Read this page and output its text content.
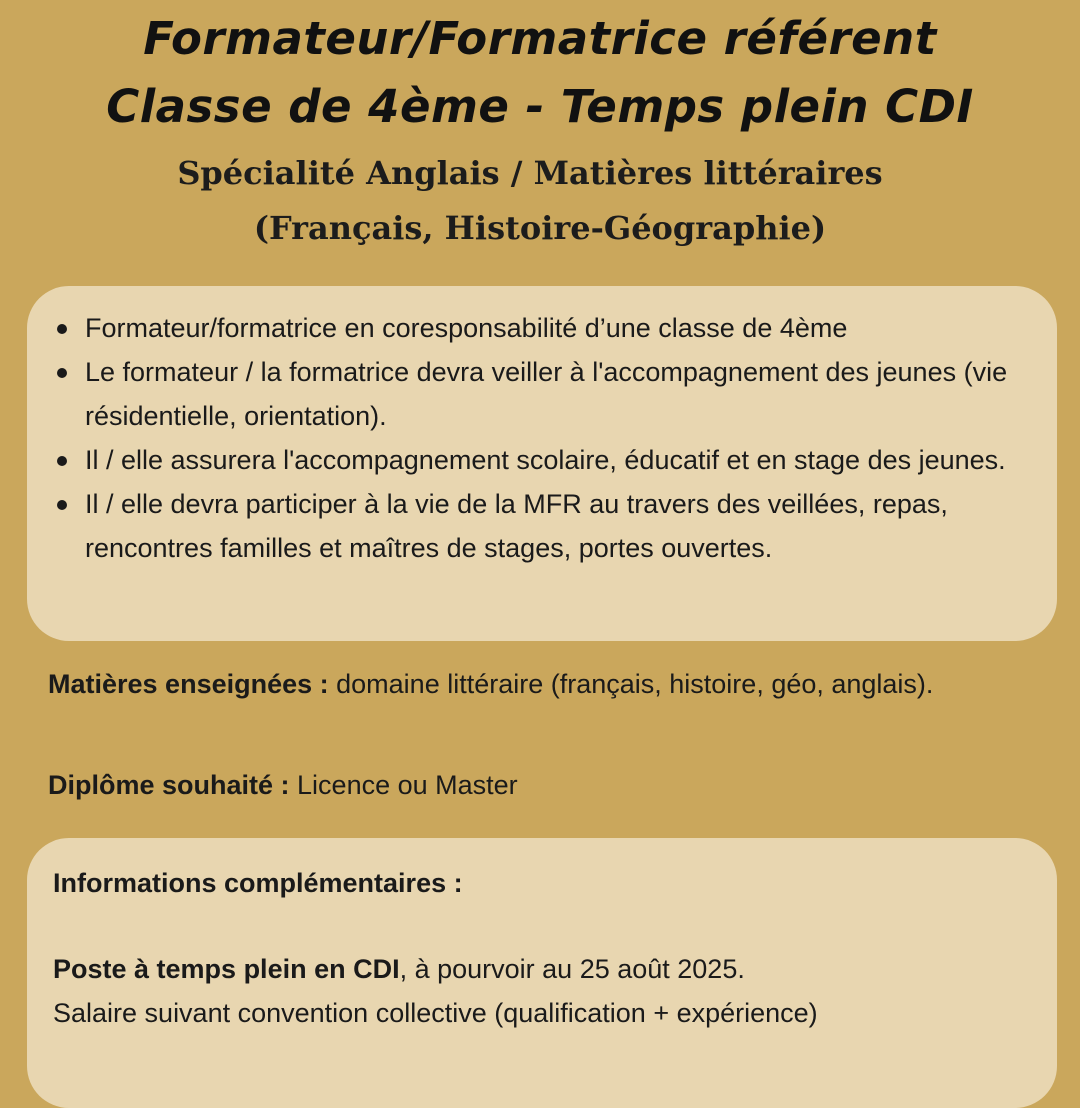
Formateur/Formatrice référent
Classe de 4ème - Temps plein CDI
Spécialité Anglais / Matières littéraires
(Français, Histoire-Géographie)
Formateur/formatrice en coresponsabilité d’une classe de 4ème
Le formateur / la formatrice devra veiller à l'accompagnement des jeunes (vie résidentielle, orientation).
Il / elle assurera l'accompagnement scolaire, éducatif et en stage des jeunes.
Il / elle devra participer à la vie de la MFR au travers des veillées, repas, rencontres familles et maîtres de stages, portes ouvertes.
Matières enseignées : domaine littéraire (français, histoire, géo, anglais).
Diplôme souhaité : Licence ou Master
Informations complémentaires :
Poste à temps plein en CDI, à pourvoir au 25 août 2025.
Salaire suivant convention collective (qualification + expérience)
